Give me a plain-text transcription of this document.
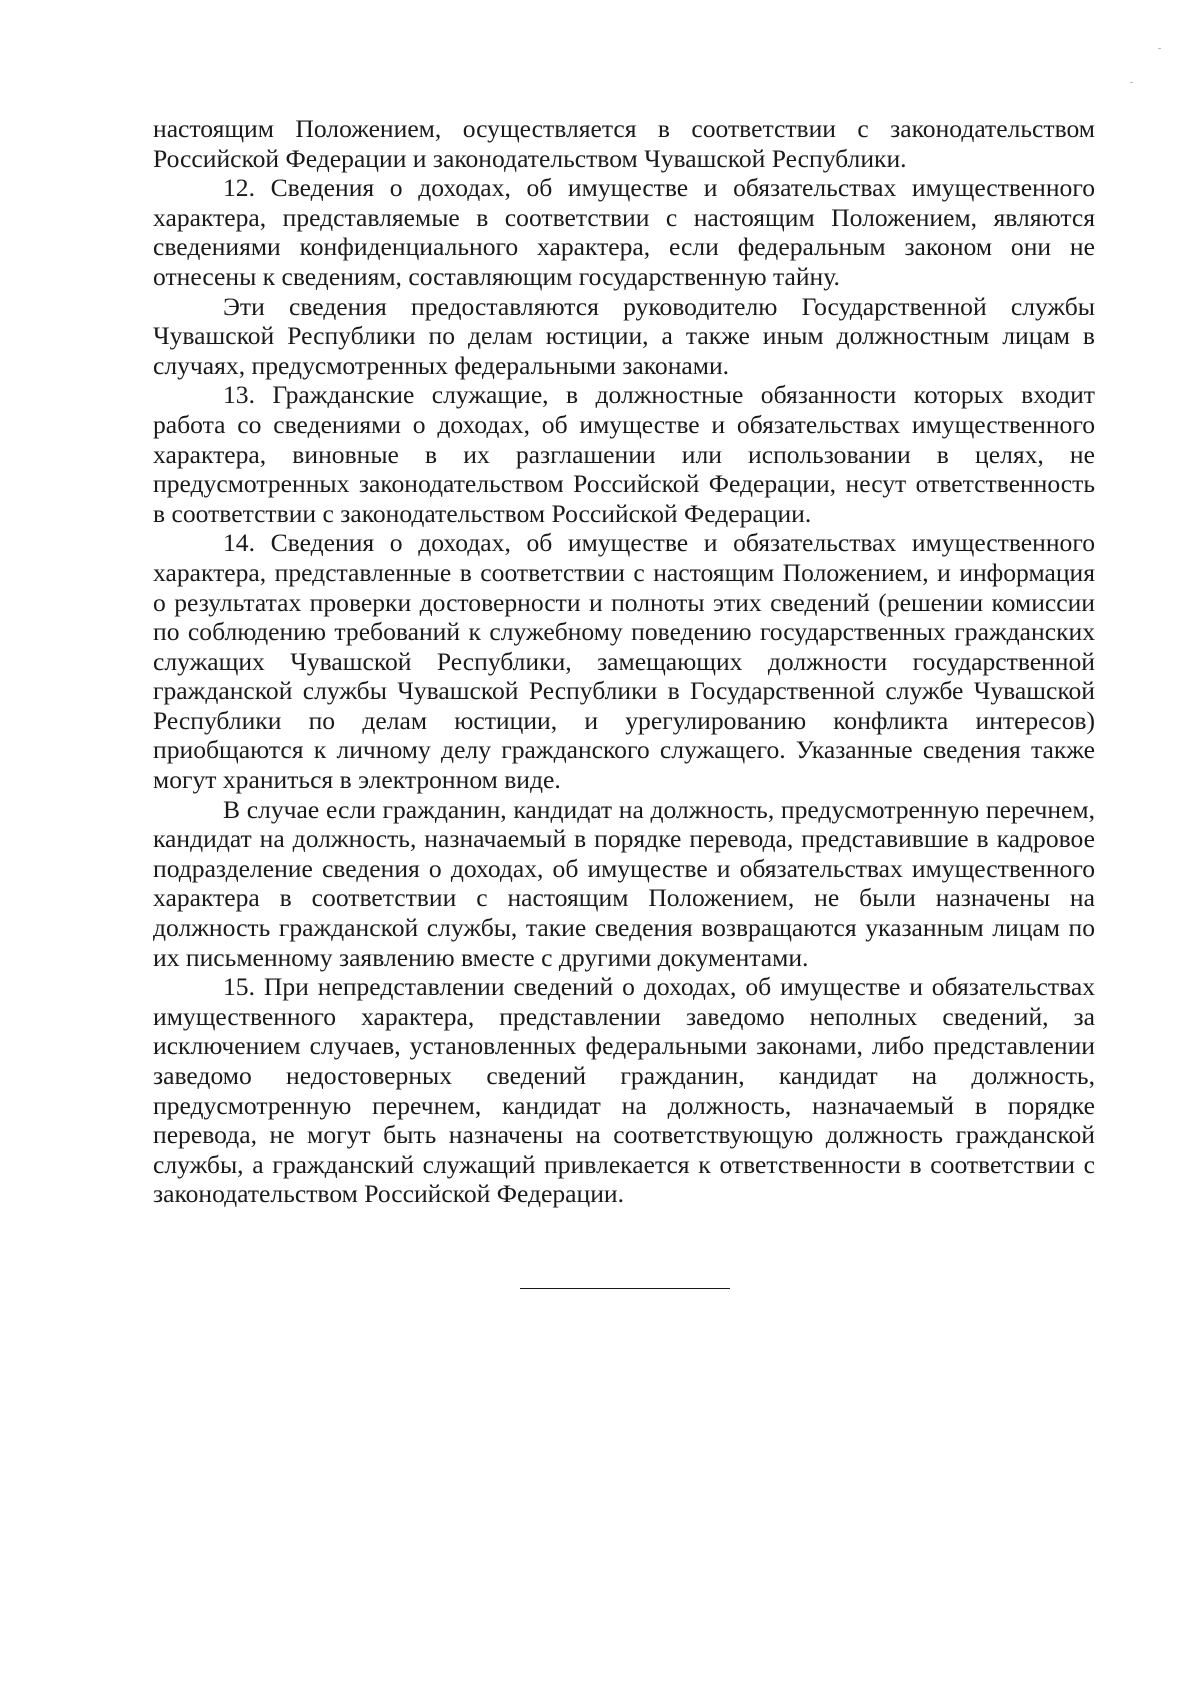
настоящим Положением, осуществляется в соответствии с законодательством Российской Федерации и законодательством Чувашской Республики.

12. Сведения о доходах, об имуществе и обязательствах имущественного характера, представляемые в соответствии с настоящим Положением, являются сведениями конфиденциального характера, если федеральным законом они не отнесены к сведениям, составляющим государственную тайну.

Эти сведения предоставляются руководителю Государственной службы Чувашской Республики по делам юстиции, а также иным должностным лицам в случаях, предусмотренных федеральными законами.

13. Гражданские служащие, в должностные обязанности которых входит работа со сведениями о доходах, об имуществе и обязательствах имущественного характера, виновные в их разглашении или использовании в целях, не предусмотренных законодательством Российской Федерации, несут ответственность в соответствии с законодательством Российской Федерации.

14. Сведения о доходах, об имуществе и обязательствах имущественного характера, представленные в соответствии с настоящим Положением, и информация о результатах проверки достоверности и полноты этих сведений (решении комиссии по соблюдению требований к служебному поведению государственных гражданских служащих Чувашской Республики, замещающих должности государственной гражданской службы Чувашской Республики в Государственной службе Чувашской Республики по делам юстиции, и урегулированию конфликта интересов) приобщаются к личному делу гражданского служащего. Указанные сведения также могут храниться в электронном виде.

В случае если гражданин, кандидат на должность, предусмотренную перечнем, кандидат на должность, назначаемый в порядке перевода, представившие в кадровое подразделение сведения о доходах, об имуществе и обязательствах имущественного характера в соответствии с настоящим Положением, не были назначены на должность гражданской службы, такие сведения возвращаются указанным лицам по их письменному заявлению вместе с другими документами.

15. При непредставлении сведений о доходах, об имуществе и обязательствах имущественного характера, представлении заведомо неполных сведений, за исключением случаев, установленных федеральными законами, либо представлении заведомо недостоверных сведений гражданин, кандидат на должность, предусмотренную перечнем, кандидат на должность, назначаемый в порядке перевода, не могут быть назначены на соответствующую должность гражданской службы, а гражданский служащий привлекается к ответственности в соответствии с законодательством Российской Федерации.
